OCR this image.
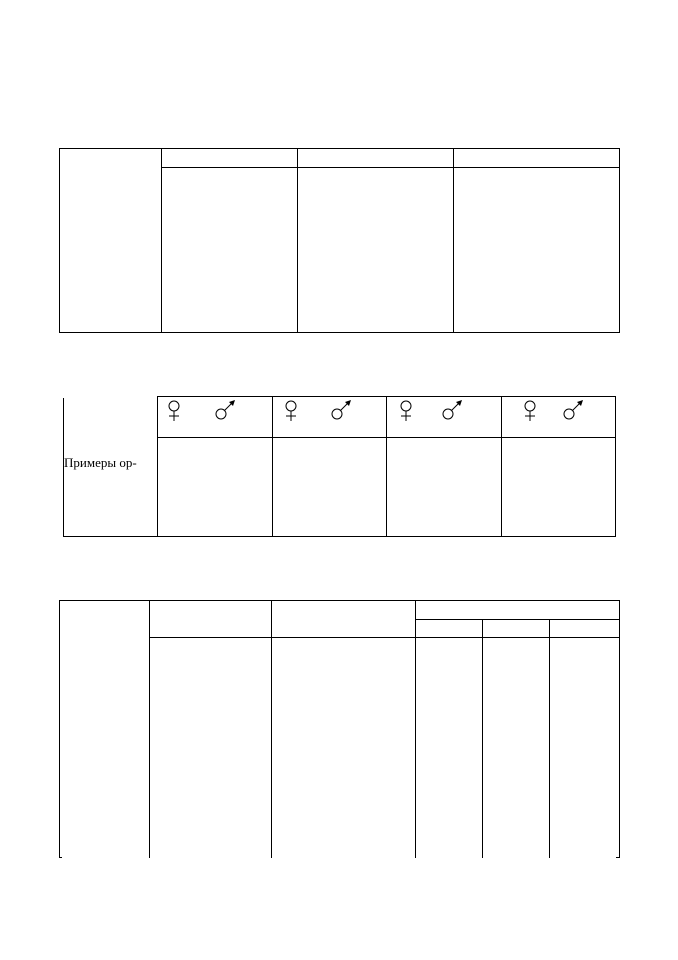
Примеры ор-
